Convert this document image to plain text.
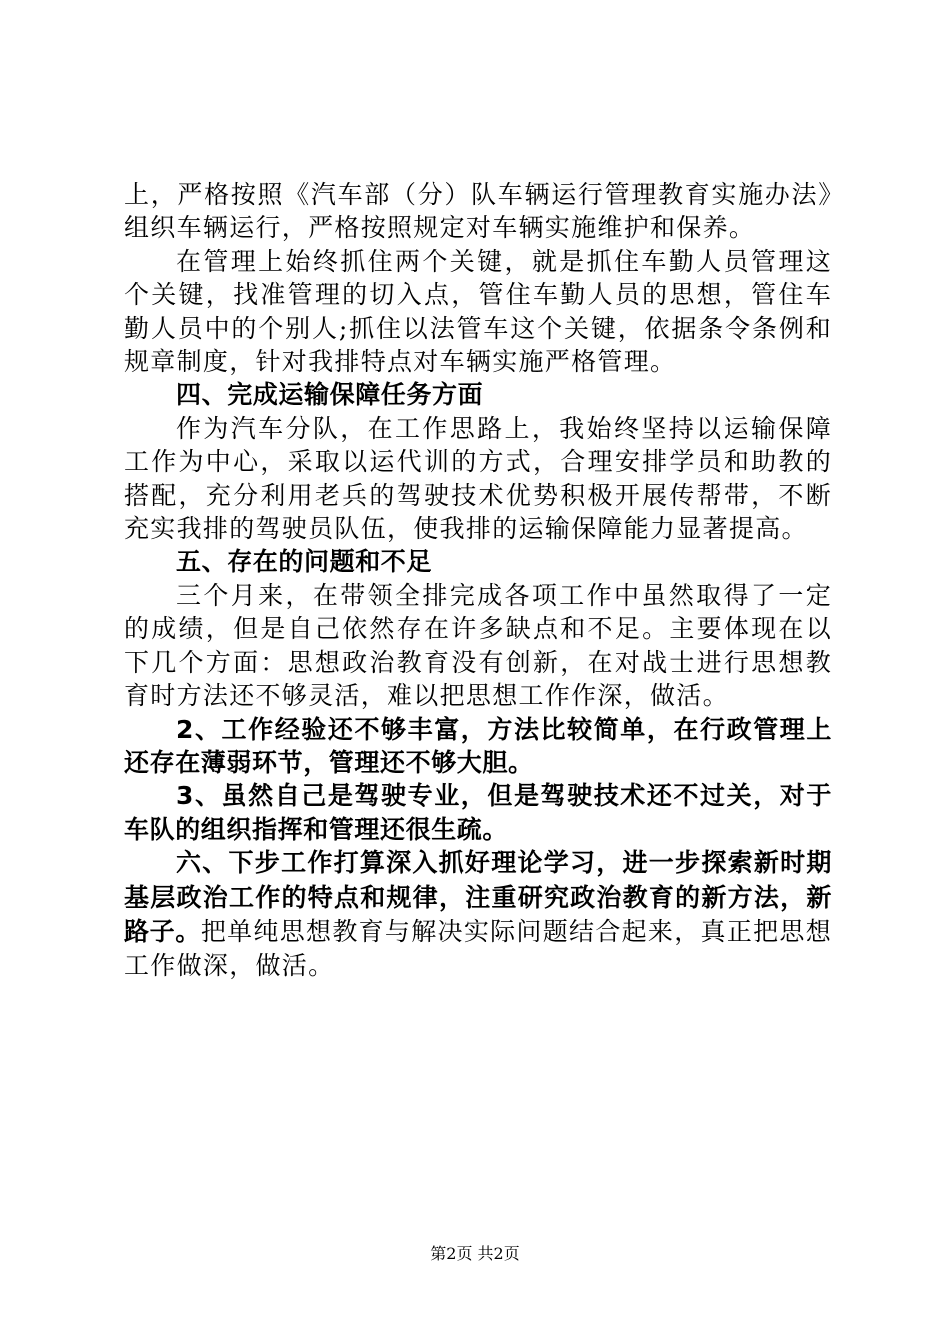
上，严格按照《汽车部（分）队车辆运行管理教育实施办法》组织车辆运行，严格按照规定对车辆实施维护和保养。

在管理上始终抓住两个关键，就是抓住车勤人员管理这个关键，找准管理的切入点，管住车勤人员的思想，管住车勤人员中的个别人;抓住以法管车这个关键，依据条令条例和规章制度，针对我排特点对车辆实施严格管理。

四、完成运输保障任务方面

作为汽车分队，在工作思路上，我始终坚持以运输保障工作为中心，采取以运代训的方式，合理安排学员和助教的搭配，充分利用老兵的驾驶技术优势积极开展传帮带，不断充实我排的驾驶员队伍，使我排的运输保障能力显著提高。

五、存在的问题和不足

三个月来，在带领全排完成各项工作中虽然取得了一定的成绩，但是自己依然存在许多缺点和不足。主要体现在以下几个方面：思想政治教育没有创新，在对战士进行思想教育时方法还不够灵活，难以把思想工作作深，做活。

2、工作经验还不够丰富，方法比较简单，在行政管理上还存在薄弱环节，管理还不够大胆。

3、虽然自己是驾驶专业，但是驾驶技术还不过关，对于车队的组织指挥和管理还很生疏。

六、下步工作打算深入抓好理论学习，进一步探索新时期基层政治工作的特点和规律，注重研究政治教育的新方法，新路子。把单纯思想教育与解决实际问题结合起来，真正把思想工作做深，做活。

第2页 共2页
